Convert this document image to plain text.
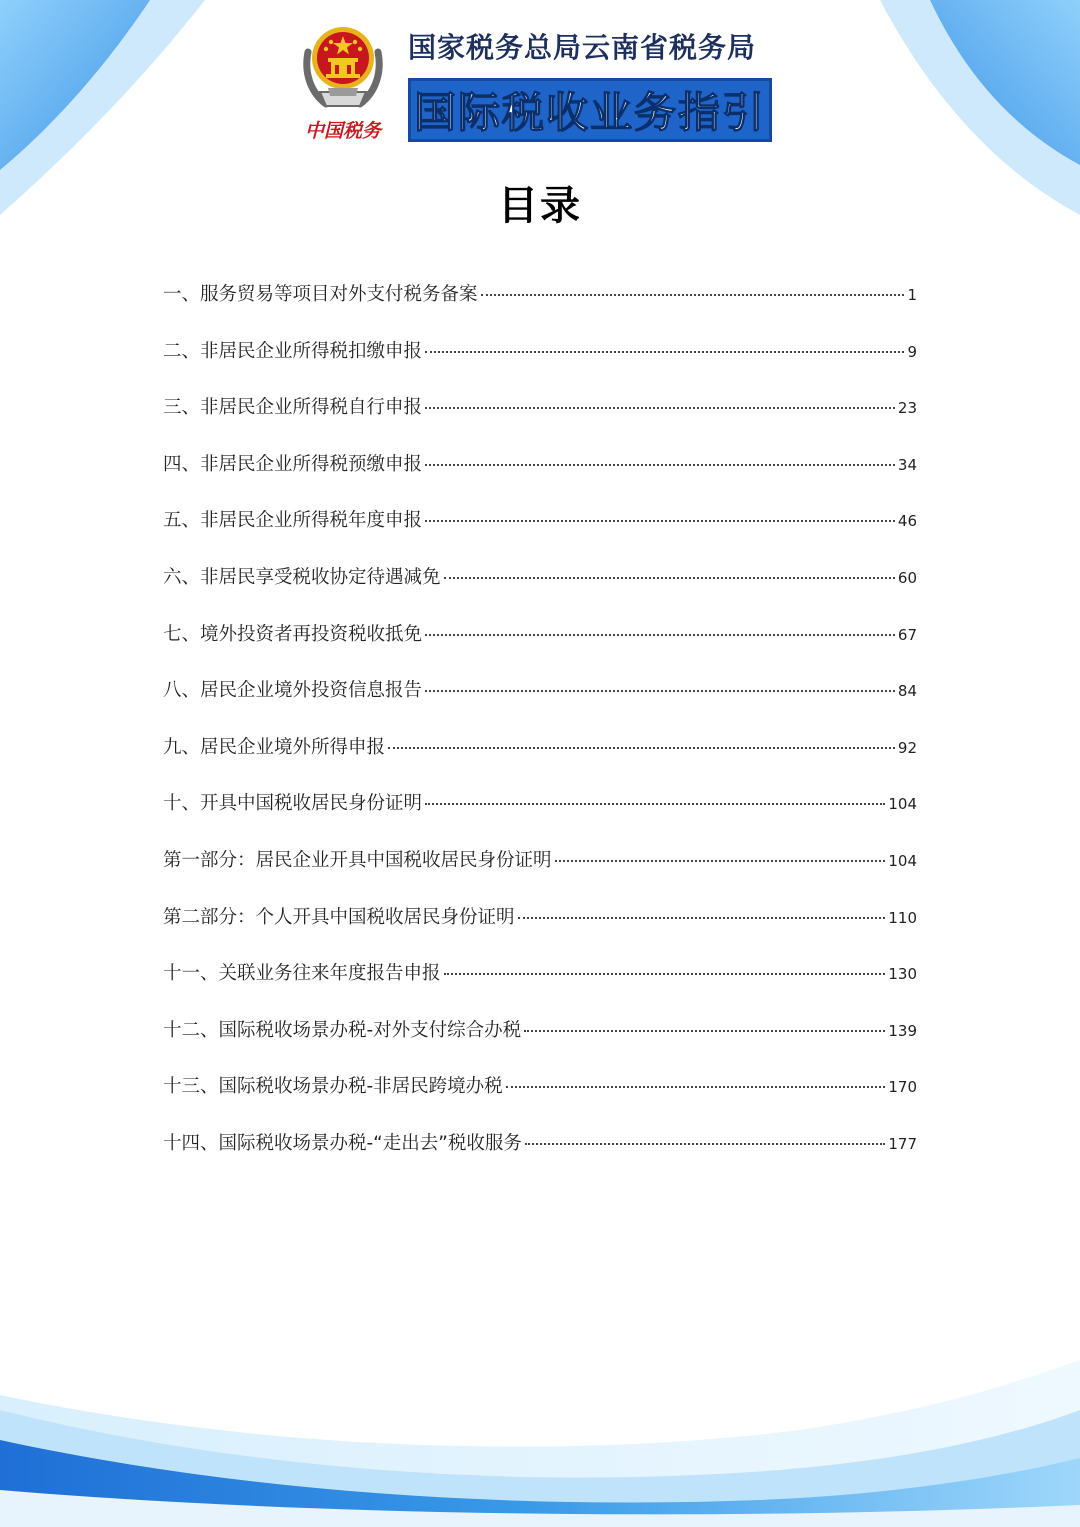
中国税务
国家税务总局云南省税务局
国际税收业务指引
目录
一、服务贸易等项目对外支付税务备案	1
二、非居民企业所得税扣缴申报	9
三、非居民企业所得税自行申报	23
四、非居民企业所得税预缴申报	34
五、非居民企业所得税年度申报	46
六、非居民享受税收协定待遇减免	60
七、境外投资者再投资税收抵免	67
八、居民企业境外投资信息报告	84
九、居民企业境外所得申报	92
十、开具中国税收居民身份证明	104
第一部分：居民企业开具中国税收居民身份证明	104
第二部分：个人开具中国税收居民身份证明	110
十一、关联业务往来年度报告申报	130
十二、国际税收场景办税-对外支付综合办税	139
十三、国际税收场景办税-非居民跨境办税	170
十四、国际税收场景办税-“走出去”税收服务	177
